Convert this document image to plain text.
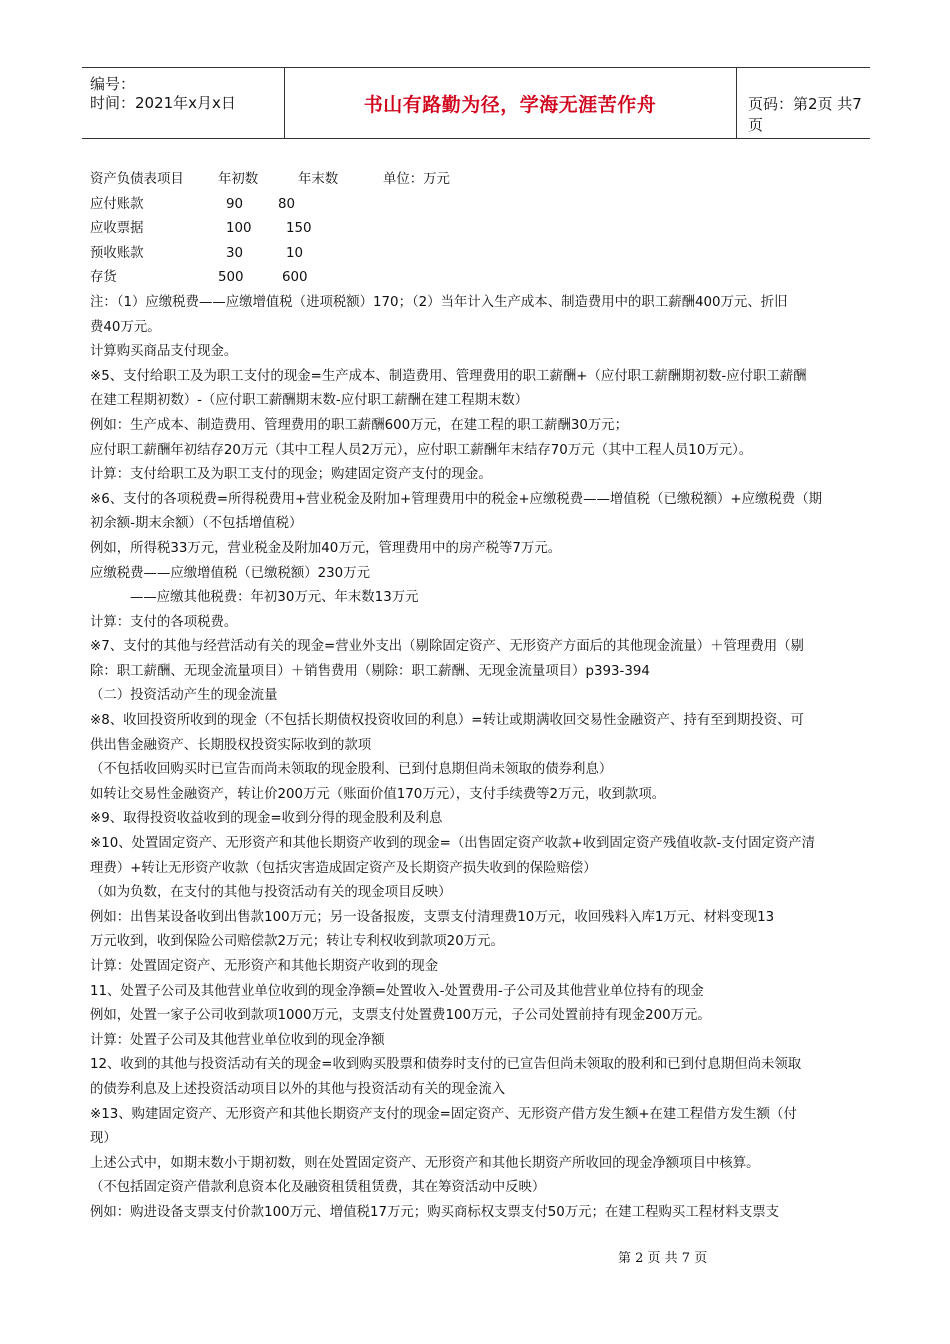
编号：
时间：2021年x月x日	书山有路勤为径，学海无涯苦作舟	页码：第2页 共7页
资产负债表项目	年初数	年末数	单位：万元
应付账款	90	80
应收票据	100	150
预收账款	30	10
存货	500	600
注：（1）应缴税费——应缴增值税（进项税额）170；（2）当年计入生产成本、制造费用中的职工薪酬400万元、折旧
费40万元。
计算购买商品支付现金。
※5、支付给职工及为职工支付的现金=生产成本、制造费用、管理费用的职工薪酬+（应付职工薪酬期初数-应付职工薪酬
在建工程期初数）-（应付职工薪酬期末数-应付职工薪酬在建工程期末数）
例如：生产成本、制造费用、管理费用的职工薪酬600万元，在建工程的职工薪酬30万元；
应付职工薪酬年初结存20万元（其中工程人员2万元），应付职工薪酬年末结存70万元（其中工程人员10万元）。
计算：支付给职工及为职工支付的现金；购建固定资产支付的现金。
※6、支付的各项税费=所得税费用+营业税金及附加+管理费用中的税金+应缴税费——增值税（已缴税额）+应缴税费（期
初余额-期末余额）（不包括增值税）
例如，所得税33万元，营业税金及附加40万元，管理费用中的房产税等7万元。
应缴税费——应缴增值税（已缴税额）230万元
——应缴其他税费：年初30万元、年末数13万元
计算：支付的各项税费。
※7、支付的其他与经营活动有关的现金=营业外支出（剔除固定资产、无形资产方面后的其他现金流量）＋管理费用（剔
除：职工薪酬、无现金流量项目）＋销售费用（剔除：职工薪酬、无现金流量项目）p393-394
（二）投资活动产生的现金流量
※8、收回投资所收到的现金（不包括长期债权投资收回的利息）=转让或期满收回交易性金融资产、持有至到期投资、可
供出售金融资产、长期股权投资实际收到的款项
（不包括收回购买时已宣告而尚未领取的现金股利、已到付息期但尚未领取的债券利息）
如转让交易性金融资产，转让价200万元（账面价值170万元），支付手续费等2万元，收到款项。
※9、取得投资收益收到的现金=收到分得的现金股利及利息
※10、处置固定资产、无形资产和其他长期资产收到的现金=（出售固定资产收款+收到固定资产残值收款-支付固定资产清
理费）+转让无形资产收款（包括灾害造成固定资产及长期资产损失收到的保险赔偿）
（如为负数，在支付的其他与投资活动有关的现金项目反映）
例如：出售某设备收到出售款100万元；另一设备报废，支票支付清理费10万元，收回残料入库1万元、材料变现13
万元收到，收到保险公司赔偿款2万元；转让专利权收到款项20万元。
计算：处置固定资产、无形资产和其他长期资产收到的现金
11、处置子公司及其他营业单位收到的现金净额=处置收入-处置费用-子公司及其他营业单位持有的现金
例如，处置一家子公司收到款项1000万元，支票支付处置费100万元，子公司处置前持有现金200万元。
计算：处置子公司及其他营业单位收到的现金净额
12、收到的其他与投资活动有关的现金=收到购买股票和债券时支付的已宣告但尚未领取的股利和已到付息期但尚未领取
的债券利息及上述投资活动项目以外的其他与投资活动有关的现金流入
※13、购建固定资产、无形资产和其他长期资产支付的现金=固定资产、无形资产借方发生额+在建工程借方发生额（付
现）
上述公式中，如期末数小于期初数，则在处置固定资产、无形资产和其他长期资产所收回的现金净额项目中核算。
（不包括固定资产借款利息资本化及融资租赁租赁费，其在筹资活动中反映）
例如：购进设备支票支付价款100万元、增值税17万元；购买商标权支票支付50万元；在建工程购买工程材料支票支
第 2 页 共 7 页
